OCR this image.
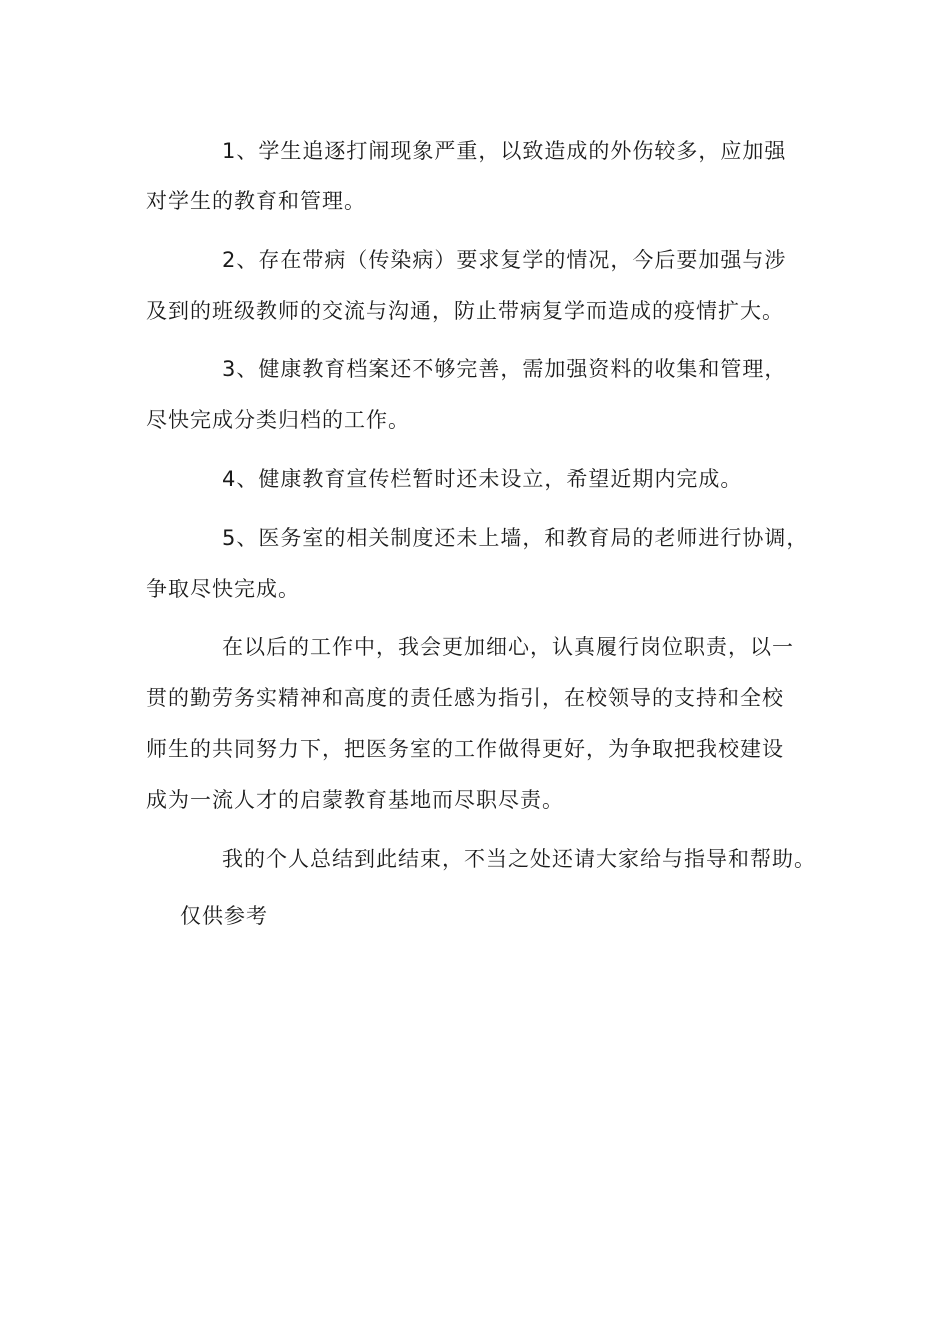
1、学生追逐打闹现象严重，以致造成的外伤较多，应加强
对学生的教育和管理。
2、存在带病（传染病）要求复学的情况，今后要加强与涉
及到的班级教师的交流与沟通，防止带病复学而造成的疫情扩大。
3、健康教育档案还不够完善，需加强资料的收集和管理，
尽快完成分类归档的工作。
4、健康教育宣传栏暂时还未设立，希望近期内完成。
5、医务室的相关制度还未上墙，和教育局的老师进行协调，
争取尽快完成。
在以后的工作中，我会更加细心，认真履行岗位职责，以一
贯的勤劳务实精神和高度的责任感为指引，在校领导的支持和全校
师生的共同努力下，把医务室的工作做得更好，为争取把我校建设
成为一流人才的启蒙教育基地而尽职尽责。
我的个人总结到此结束，不当之处还请大家给与指导和帮助。
仅供参考
